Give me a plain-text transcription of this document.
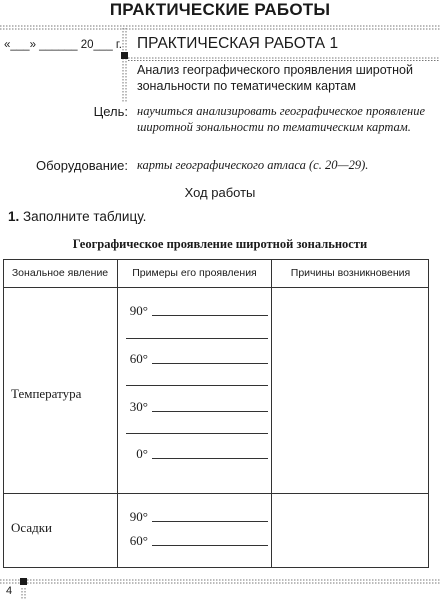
ПРАКТИЧЕСКИЕ РАБОТЫ
«___» ______ 20___ г. ПРАКТИЧЕСКАЯ РАБОТА 1
Анализ географического проявления широтной зональности по тематическим картам
Цель: научиться анализировать географическое проявление широтной зональности по тематическим картам.
Оборудование: карты географического атласа (с. 20—29).
Ход работы
1. Заполните таблицу.
Географическое проявление широтной зональности
Зональное явление	Примеры его проявления	Причины возникновения
Температура
90°
60°
30°
0°
Осадки
90°
60°
4
